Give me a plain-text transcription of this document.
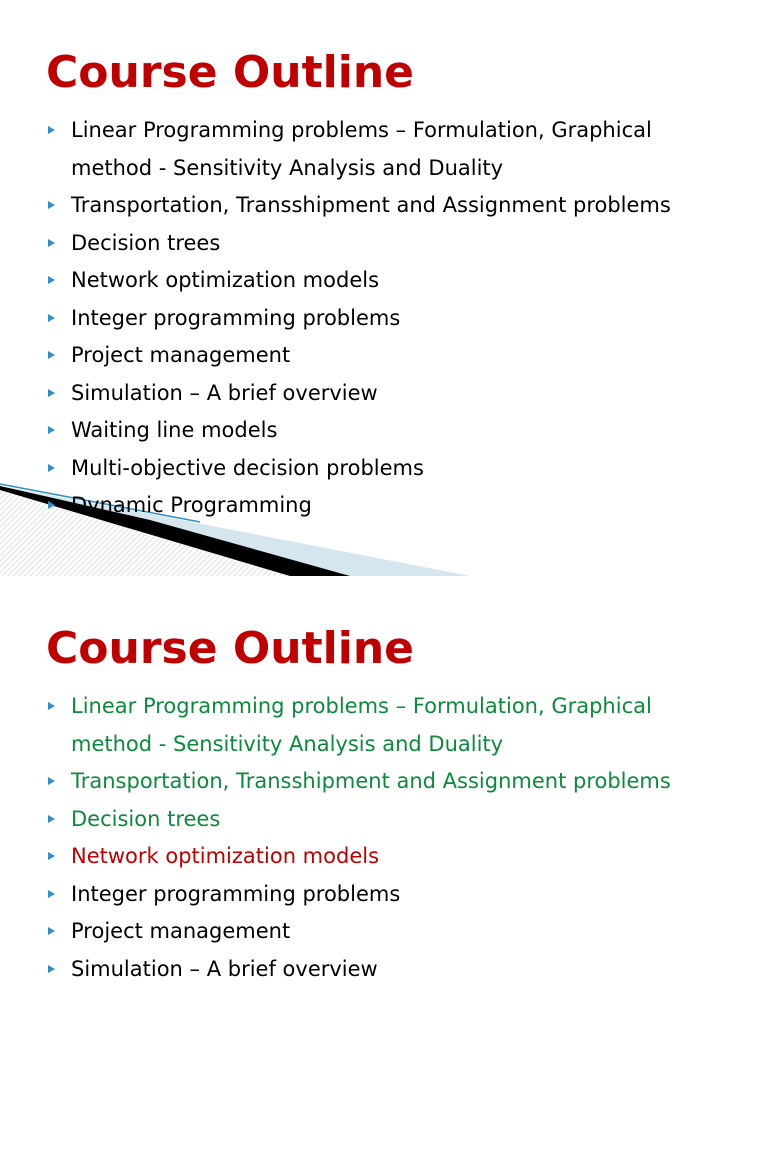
Course Outline
Linear Programming problems – Formulation, Graphical method - Sensitivity Analysis and Duality
Transportation, Transshipment and Assignment problems
Decision trees
Network optimization models
Integer programming problems
Project management
Simulation – A brief overview
Waiting line models
Multi-objective decision problems
Dynamic Programming
Course Outline
Linear Programming problems – Formulation, Graphical method - Sensitivity Analysis and Duality
Transportation, Transshipment and Assignment problems
Decision trees
Network optimization models
Integer programming problems
Project management
Simulation – A brief overview
